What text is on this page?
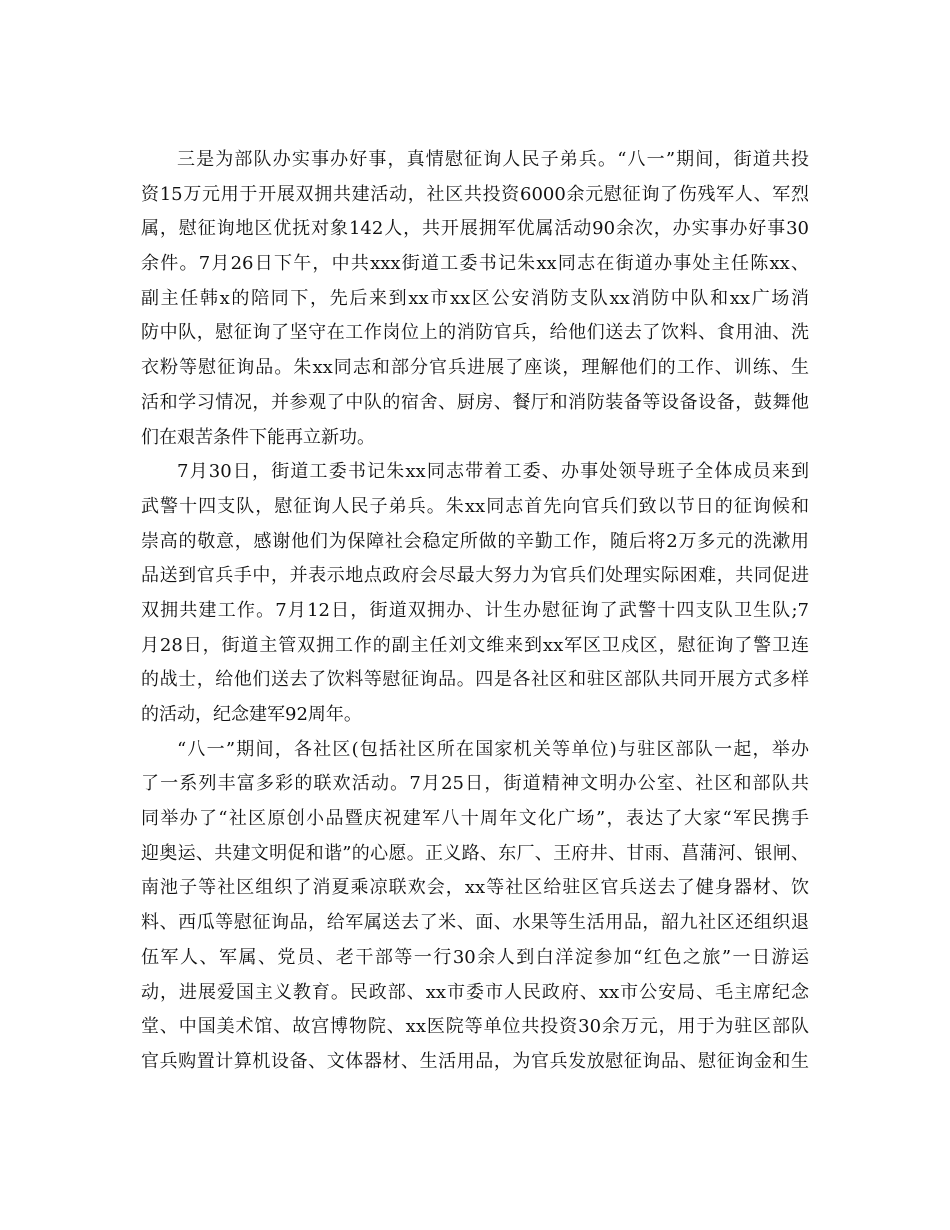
三是为部队办实事办好事，真情慰征询人民子弟兵。“八一”期间，街道共投
资15万元用于开展双拥共建活动，社区共投资6000余元慰征询了伤残军人、军烈
属，慰征询地区优抚对象142人，共开展拥军优属活动90余次，办实事办好事30
余件。7月26日下午，中共xxx街道工委书记朱xx同志在街道办事处主任陈xx、
副主任韩x的陪同下，先后来到xx市xx区公安消防支队xx消防中队和xx广场消
防中队，慰征询了坚守在工作岗位上的消防官兵，给他们送去了饮料、食用油、洗
衣粉等慰征询品。朱xx同志和部分官兵进展了座谈，理解他们的工作、训练、生
活和学习情况，并参观了中队的宿舍、厨房、餐厅和消防装备等设备设备，鼓舞他
们在艰苦条件下能再立新功。
7月30日，街道工委书记朱xx同志带着工委、办事处领导班子全体成员来到
武警十四支队，慰征询人民子弟兵。朱xx同志首先向官兵们致以节日的征询候和
崇高的敬意，感谢他们为保障社会稳定所做的辛勤工作，随后将2万多元的洗漱用
品送到官兵手中，并表示地点政府会尽最大努力为官兵们处理实际困难，共同促进
双拥共建工作。7月12日，街道双拥办、计生办慰征询了武警十四支队卫生队;7
月28日，街道主管双拥工作的副主任刘文维来到xx军区卫戍区，慰征询了警卫连
的战士，给他们送去了饮料等慰征询品。四是各社区和驻区部队共同开展方式多样
的活动，纪念建军92周年。
“八一”期间，各社区(包括社区所在国家机关等单位)与驻区部队一起，举办
了一系列丰富多彩的联欢活动。7月25日，街道精神文明办公室、社区和部队共
同举办了“社区原创小品暨庆祝建军八十周年文化广场”，表达了大家“军民携手
迎奥运、共建文明促和谐”的心愿。正义路、东厂、王府井、甘雨、菖蒲河、银闸、
南池子等社区组织了消夏乘凉联欢会，xx等社区给驻区官兵送去了健身器材、饮
料、西瓜等慰征询品，给军属送去了米、面、水果等生活用品，韶九社区还组织退
伍军人、军属、党员、老干部等一行30余人到白洋淀参加“红色之旅”一日游运
动，进展爱国主义教育。民政部、xx市委市人民政府、xx市公安局、毛主席纪念
堂、中国美术馆、故宫博物院、xx医院等单位共投资30余万元，用于为驻区部队
官兵购置计算机设备、文体器材、生活用品，为官兵发放慰征询品、慰征询金和生
